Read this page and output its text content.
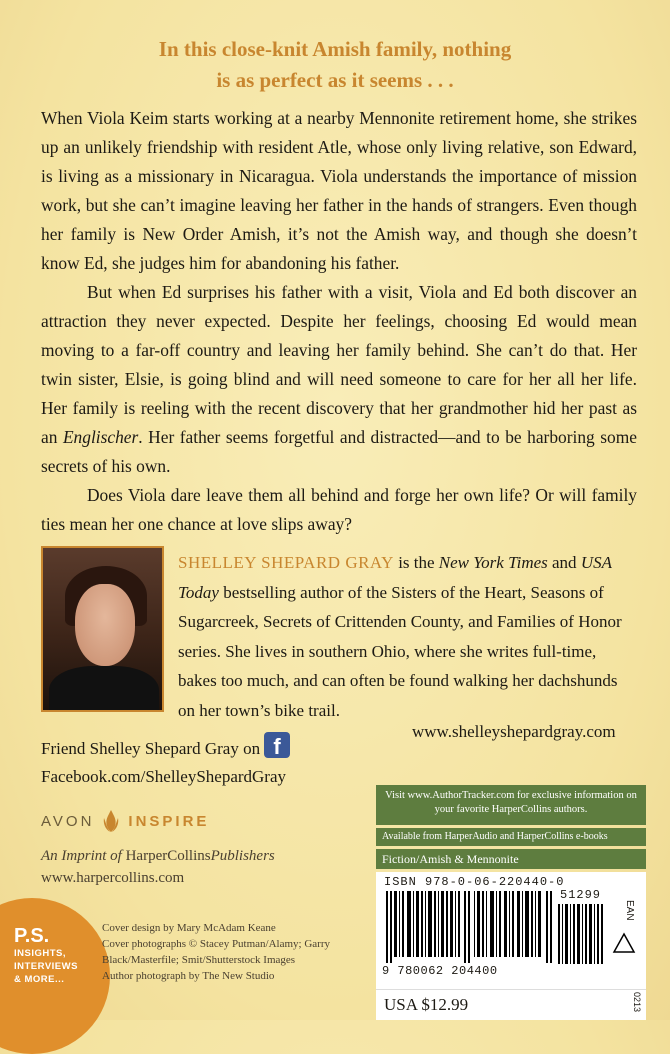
In this close-knit Amish family, nothing
is as perfect as it seems . . .

When Viola Keim starts working at a nearby Mennonite retirement home, she strikes up an unlikely friendship with resident Atle, whose only living relative, son Edward, is living as a missionary in Nicaragua. Viola understands the importance of mission work, but she can’t imagine leaving her father in the hands of strangers. Even though her family is New Order Amish, it’s not the Amish way, and though she doesn’t know Ed, she judges him for abandoning his father.

But when Ed surprises his father with a visit, Viola and Ed both discover an attraction they never expected. Despite her feelings, choosing Ed would mean moving to a far-off country and leaving her family behind. She can’t do that. Her twin sister, Elsie, is going blind and will need someone to care for her all her life. Her family is reeling with the recent discovery that her grandmother hid her past as an Englischer. Her father seems forgetful and distracted—and to be harboring some secrets of his own.

Does Viola dare leave them all behind and forge her own life? Or will family ties mean her one chance at love slips away?

SHELLEY SHEPARD GRAY is the New York Times and USA Today bestselling author of the Sisters of the Heart, Seasons of Sugarcreek, Secrets of Crittenden County, and Families of Honor series. She lives in southern Ohio, where she writes full-time, bakes too much, and can often be found walking her dachshunds on her town’s bike trail.

www.shelleyshepardgray.com
Friend Shelley Shepard Gray on f
Facebook.com/ShelleyShepardGray
AVON INSPIRE
An Imprint of HarperCollinsPublishers
www.harpercollins.com
P.S.
INSIGHTS,
INTERVIEWS
& MORE...
Cover design by Mary McAdam Keane
Cover photographs © Stacey Putman/Alamy; Garry Black/Masterfile; Smit/Shutterstock Images
Author photograph by The New Studio
Visit www.AuthorTracker.com for exclusive information on your favorite HarperCollins authors.
Available from HarperAudio and HarperCollins e-books
Fiction/Amish & Mennonite
ISBN 978-0-06-220440-0
51299
EAN
9 780062 204400
USA $12.99	0213
